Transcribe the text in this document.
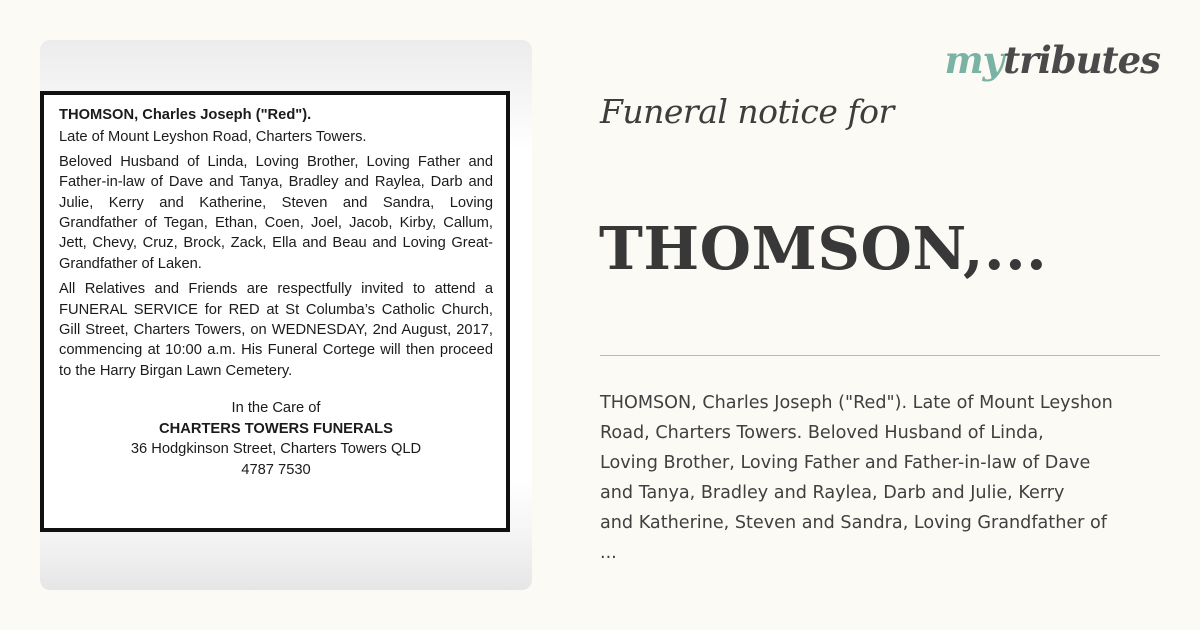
THOMSON, Charles Joseph ("Red").

Late of Mount Leyshon Road, Charters Towers.

Beloved Husband of Linda, Loving Brother, Loving Father and Father-in-law of Dave and Tanya, Bradley and Raylea, Darb and Julie, Kerry and Katherine, Steven and Sandra, Loving Grandfather of Tegan, Ethan, Coen, Joel, Jacob, Kirby, Callum, Jett, Chevy, Cruz, Brock, Zack, Ella and Beau and Loving Great-Grandfather of Laken.

All Relatives and Friends are respectfully invited to attend a FUNERAL SERVICE for RED at St Columba’s Catholic Church, Gill Street, Charters Towers, on WEDNESDAY, 2nd August, 2017, commencing at 10:00 a.m. His Funeral Cortege will then proceed to the Harry Birgan Lawn Cemetery.

In the Care of
CHARTERS TOWERS FUNERALS
36 Hodgkinson Street, Charters Towers QLD
4787 7530
mytributes
Funeral notice for
THOMSON,...
THOMSON, Charles Joseph ("Red"). Late of Mount Leyshon
Road, Charters Towers. Beloved Husband of Linda,
Loving Brother, Loving Father and Father-in-law of Dave
and Tanya, Bradley and Raylea, Darb and Julie, Kerry
and Katherine, Steven and Sandra, Loving Grandfather of
...
